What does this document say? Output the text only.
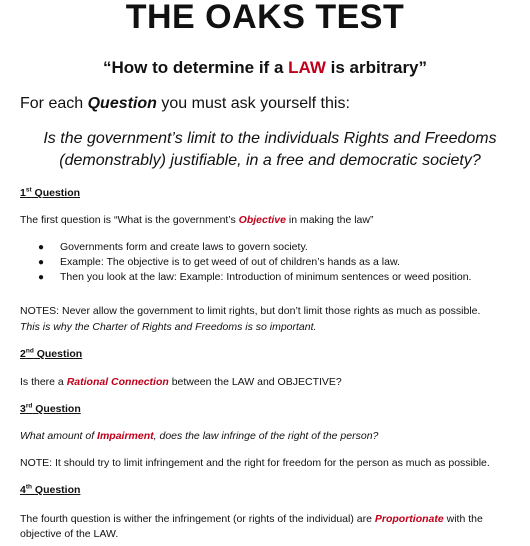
THE OAKS TEST
“How to determine if a LAW is arbitrary”
For each Question you must ask yourself this:
Is the government’s limit to the individuals Rights and Freedoms
(demonstrably) justifiable, in a free and democratic society?
1st Question
The first question is “What is the government’s Objective in making the law”
● Governments form and create laws to govern society.
● Example: The objective is to get weed of out of children’s hands as a law.
● Then you look at the law: Example: Introduction of minimum sentences or weed position.
NOTES: Never allow the government to limit rights, but don’t limit those rights as much as possible.
This is why the Charter of Rights and Freedoms is so important.
2nd Question
Is there a Rational Connection between the LAW and OBJECTIVE?
3rd Question
What amount of Impairment, does the law infringe of the right of the person?
NOTE: It should try to limit infringement and the right for freedom for the person as much as possible.
4th Question
The fourth question is wither the infringement (or rights of the individual) are Proportionate with the
objective of the LAW.
